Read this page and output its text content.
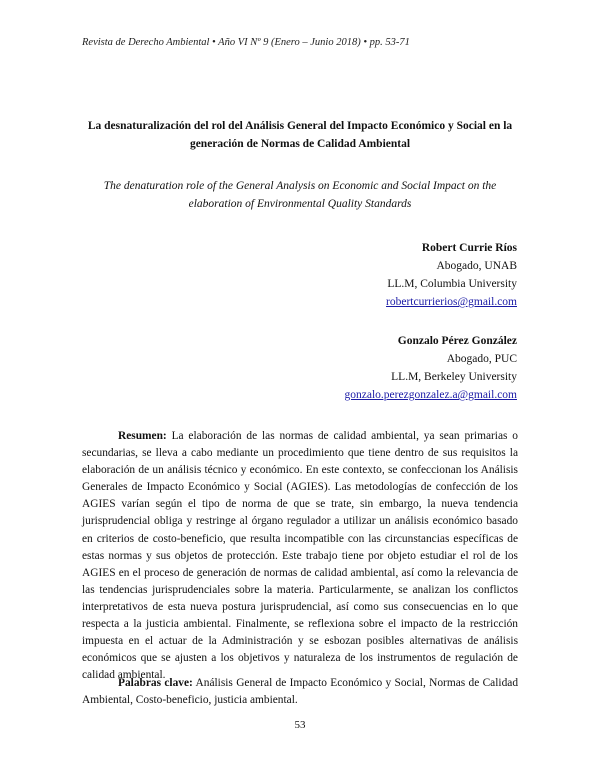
Revista de Derecho Ambiental • Año VI Nº 9 (Enero – Junio 2018) • pp. 53-71
La desnaturalización del rol del Análisis General del Impacto Económico y Social en la generación de Normas de Calidad Ambiental
The denaturation role of the General Analysis on Economic and Social Impact on the elaboration of Environmental Quality Standards
Robert Currie Ríos
Abogado, UNAB
LL.M, Columbia University
robertcurrierios@gmail.com
Gonzalo Pérez González
Abogado, PUC
LL.M, Berkeley University
gonzalo.perezgonzalez.a@gmail.com
Resumen: La elaboración de las normas de calidad ambiental, ya sean primarias o secundarias, se lleva a cabo mediante un procedimiento que tiene dentro de sus requisitos la elaboración de un análisis técnico y económico. En este contexto, se confeccionan los Análisis Generales de Impacto Económico y Social (AGIES). Las metodologías de confección de los AGIES varían según el tipo de norma de que se trate, sin embargo, la nueva tendencia jurisprudencial obliga y restringe al órgano regulador a utilizar un análisis económico basado en criterios de costo-beneficio, que resulta incompatible con las circunstancias específicas de estas normas y sus objetos de protección. Este trabajo tiene por objeto estudiar el rol de los AGIES en el proceso de generación de normas de calidad ambiental, así como la relevancia de las tendencias jurisprudenciales sobre la materia. Particularmente, se analizan los conflictos interpretativos de esta nueva postura jurisprudencial, así como sus consecuencias en lo que respecta a la justicia ambiental. Finalmente, se reflexiona sobre el impacto de la restricción impuesta en el actuar de la Administración y se esbozan posibles alternativas de análisis económicos que se ajusten a los objetivos y naturaleza de los instrumentos de regulación de calidad ambiental.
Palabras clave: Análisis General de Impacto Económico y Social, Normas de Calidad Ambiental, Costo-beneficio, justicia ambiental.
53
